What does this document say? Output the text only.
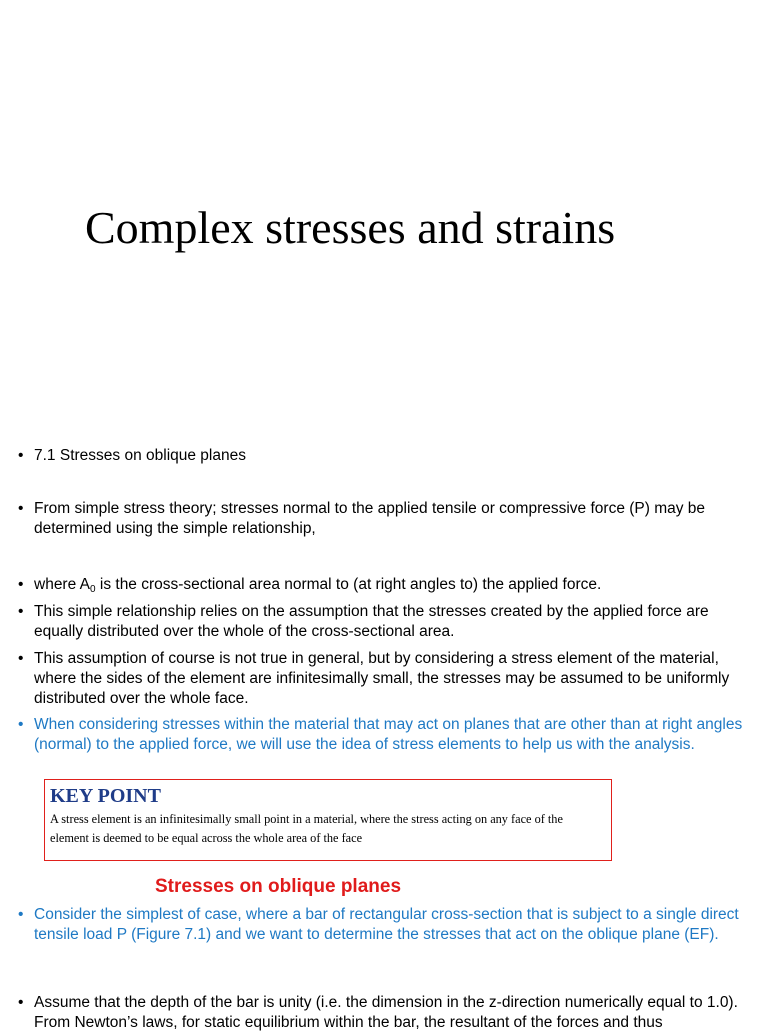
Complex stresses and strains
• 7.1 Stresses on oblique planes
• From simple stress theory; stresses normal to the applied tensile or compressive force (P) may be determined using the simple relationship,
• where $A_0$ is the cross-sectional area normal to (at right angles to) the applied force.
• This simple relationship relies on the assumption that the stresses created by the applied force are equally distributed over the whole of the cross-sectional area.
• This assumption of course is not true in general, but by considering a stress element of the material, where the sides of the element are infinitesimally small, the stresses may be assumed to be uniformly distributed over the whole face.
• When considering stresses within the material that may act on planes that are other than at right angles (normal) to the applied force, we will use the idea of stress elements to help us with the analysis.
KEY POINT
A stress element is an infinitesimally small point in a material, where the stress acting on any face of the element is deemed to be equal across the whole area of the face
Stresses on oblique planes
• Consider the simplest of case, where a bar of rectangular cross-section that is subject to a single direct tensile load P (Figure 7.1) and we want to determine the stresses that act on the oblique plane (EF).
• Assume that the depth of the bar is unity (i.e. the dimension in the z-direction numerically equal to 1.0). From Newton’s laws, for static equilibrium within the bar, the resultant of the forces and thus
